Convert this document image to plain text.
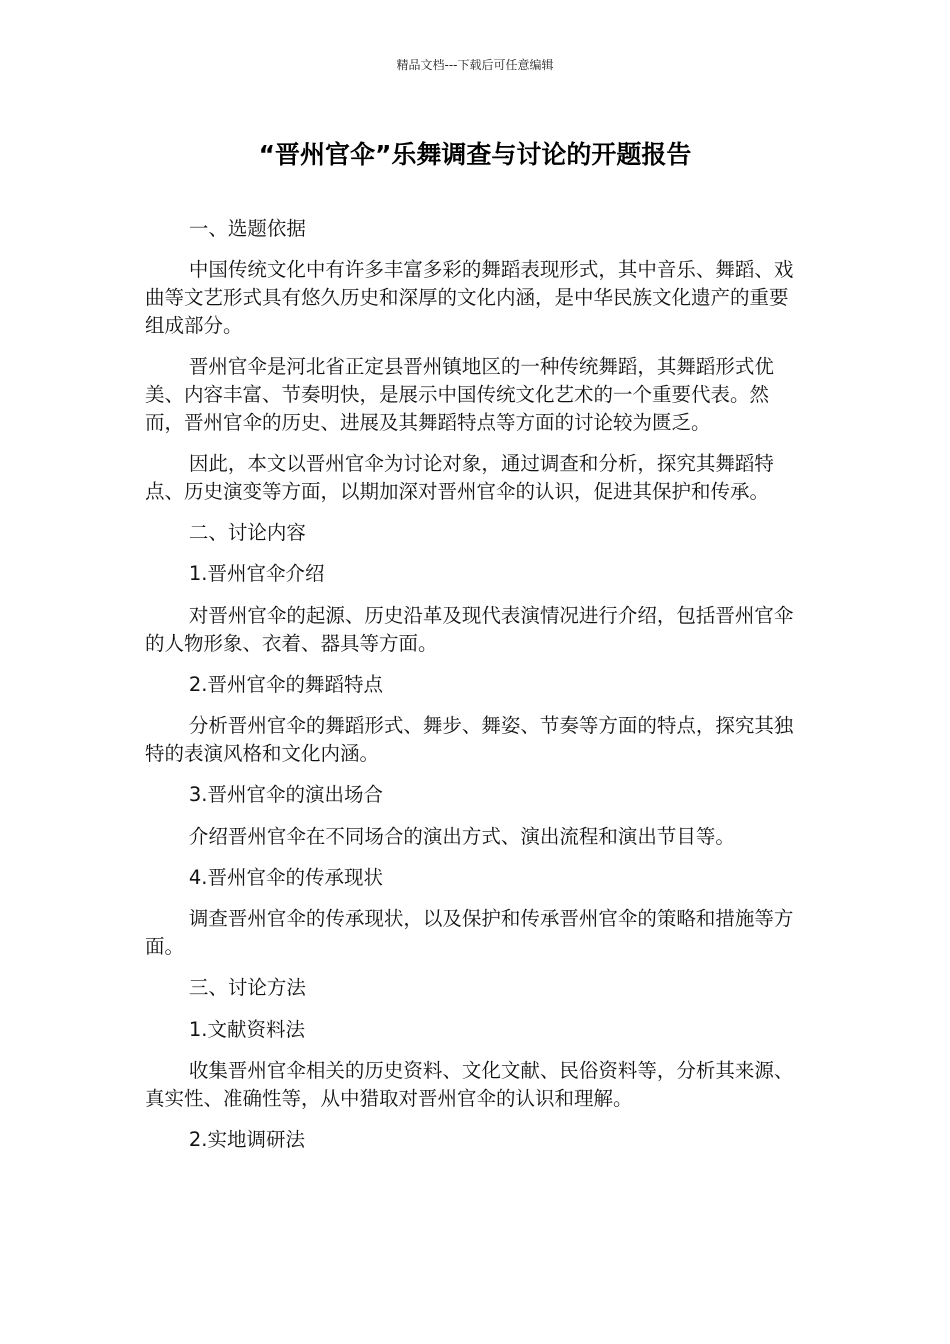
精品文档---下载后可任意编辑
“晋州官伞”乐舞调查与讨论的开题报告

一、选题依据

中国传统文化中有许多丰富多彩的舞蹈表现形式，其中音乐、舞蹈、戏曲等文艺形式具有悠久历史和深厚的文化内涵，是中华民族文化遗产的重要组成部分。

晋州官伞是河北省正定县晋州镇地区的一种传统舞蹈，其舞蹈形式优美、内容丰富、节奏明快，是展示中国传统文化艺术的一个重要代表。然而，晋州官伞的历史、进展及其舞蹈特点等方面的讨论较为匮乏。

因此，本文以晋州官伞为讨论对象，通过调查和分析，探究其舞蹈特点、历史演变等方面，以期加深对晋州官伞的认识，促进其保护和传承。

二、讨论内容

1.晋州官伞介绍

对晋州官伞的起源、历史沿革及现代表演情况进行介绍，包括晋州官伞的人物形象、衣着、器具等方面。

2.晋州官伞的舞蹈特点

分析晋州官伞的舞蹈形式、舞步、舞姿、节奏等方面的特点，探究其独特的表演风格和文化内涵。

3.晋州官伞的演出场合

介绍晋州官伞在不同场合的演出方式、演出流程和演出节目等。

4.晋州官伞的传承现状

调查晋州官伞的传承现状，以及保护和传承晋州官伞的策略和措施等方面。

三、讨论方法

1.文献资料法

收集晋州官伞相关的历史资料、文化文献、民俗资料等，分析其来源、真实性、准确性等，从中猎取对晋州官伞的认识和理解。

2.实地调研法
